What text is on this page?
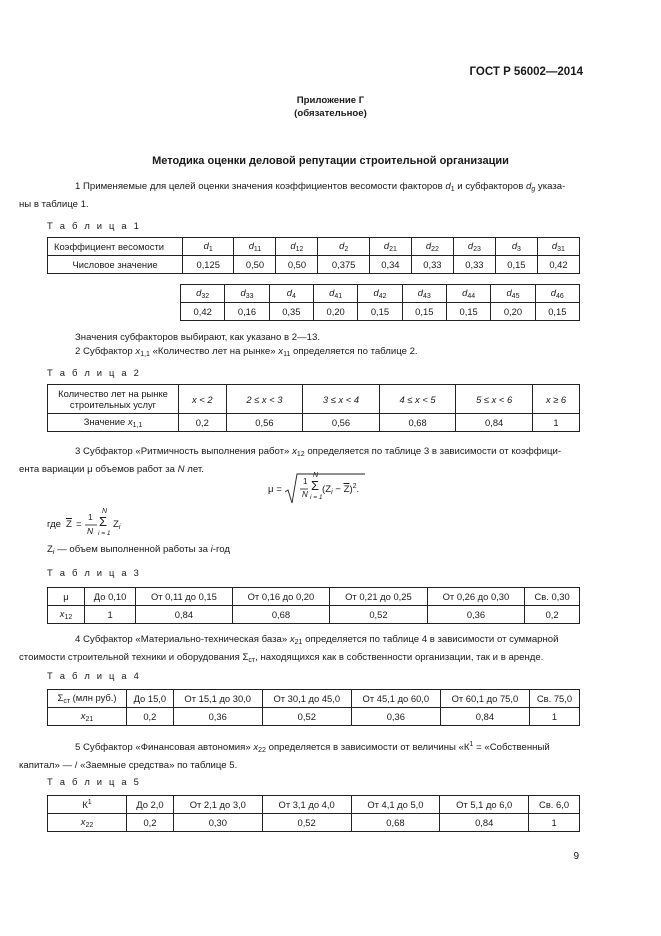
ГОСТ Р 56002—2014
Приложение Г
(обязательное)
Методика оценки деловой репутации строительной организации
1 Применяемые для целей оценки значения коэффициентов весомости факторов $d_1$ и субфакторов $d_g$ указа-
ны в таблице 1.
Т а б л и ц а 1
Коэффициент весомости	$d_1$	$d_{11}$	$d_{12}$	$d_2$	$d_{21}$	$d_{22}$	$d_{23}$	$d_3$	$d_{31}$
Числовое значение	0,125	0,50	0,50	0,375	0,34	0,33	0,33	0,15	0,42
$d_{32}$	$d_{33}$	$d_4$	$d_{41}$	$d_{42}$	$d_{43}$	$d_{44}$	$d_{45}$	$d_{46}$
0,42	0,16	0,35	0,20	0,15	0,15	0,15	0,20	0,15
Значения субфакторов выбирают, как указано в 2—13.
2 Субфактор $x_{1,1}$ «Количество лет на рынке» $x_{11}$ определяется по таблице 2.
Т а б л и ц а 2
Количество лет на рынке
строительных услуг	x < 2	2 ≤ x < 3	3 ≤ x < 4	4 ≤ x < 5	5 ≤ x < 6	x ≥ 6
Значение $x_{1,1}$	0,2	0,56	0,56	0,68	0,84	1
3 Субфактор «Ритмичность выполнения работ» $x_{12}$ определяется по таблице 3 в зависимости от коэффици-
ента вариации μ объемов работ за N лет.
μ =
1
N
N
Σ
i = 1
$(Z_i - \overline{Z})^2$.
где $\overline{Z}$ =
1
N
N
Σ
i = 1
$Z_i$
$Z_i$ — объем выполненной работы за i-год
Т а б л и ц а 3
μ	До 0,10	От 0,11 до 0,15	От 0,16 до 0,20	От 0,21 до 0,25	От 0,26 до 0,30	Св. 0,30
$x_{12}$	1	0,84	0,68	0,52	0,36	0,2
4 Субфактор «Материально-техническая база» $x_{21}$ определяется по таблице 4 в зависимости от суммарной
стоимости строительной техники и оборудования $\Sigma_{ст}$, находящихся как в собственности организации, так и в аренде.
Т а б л и ц а 4
$\Sigma_{ст}$ (млн руб.)	До 15,0	От 15,1 до 30,0	От 30,1 до 45,0	От 45,1 до 60,0	От 60,1 до 75,0	Св. 75,0
$x_{21}$	0,2	0,36	0,52	0,36	0,84	1
5 Субфактор «Финансовая автономия» $x_{22}$ определяется в зависимости от величины «$К^1$ = «Собственный
капитал» — / «Заемные средства» по таблице 5.
Т а б л и ц а 5
$К^1$	До 2,0	От 2,1 до 3,0	От 3,1 до 4,0	От 4,1 до 5,0	От 5,1 до 6,0	Св. 6,0
$x_{22}$	0,2	0,30	0,52	0,68	0,84	1
9
